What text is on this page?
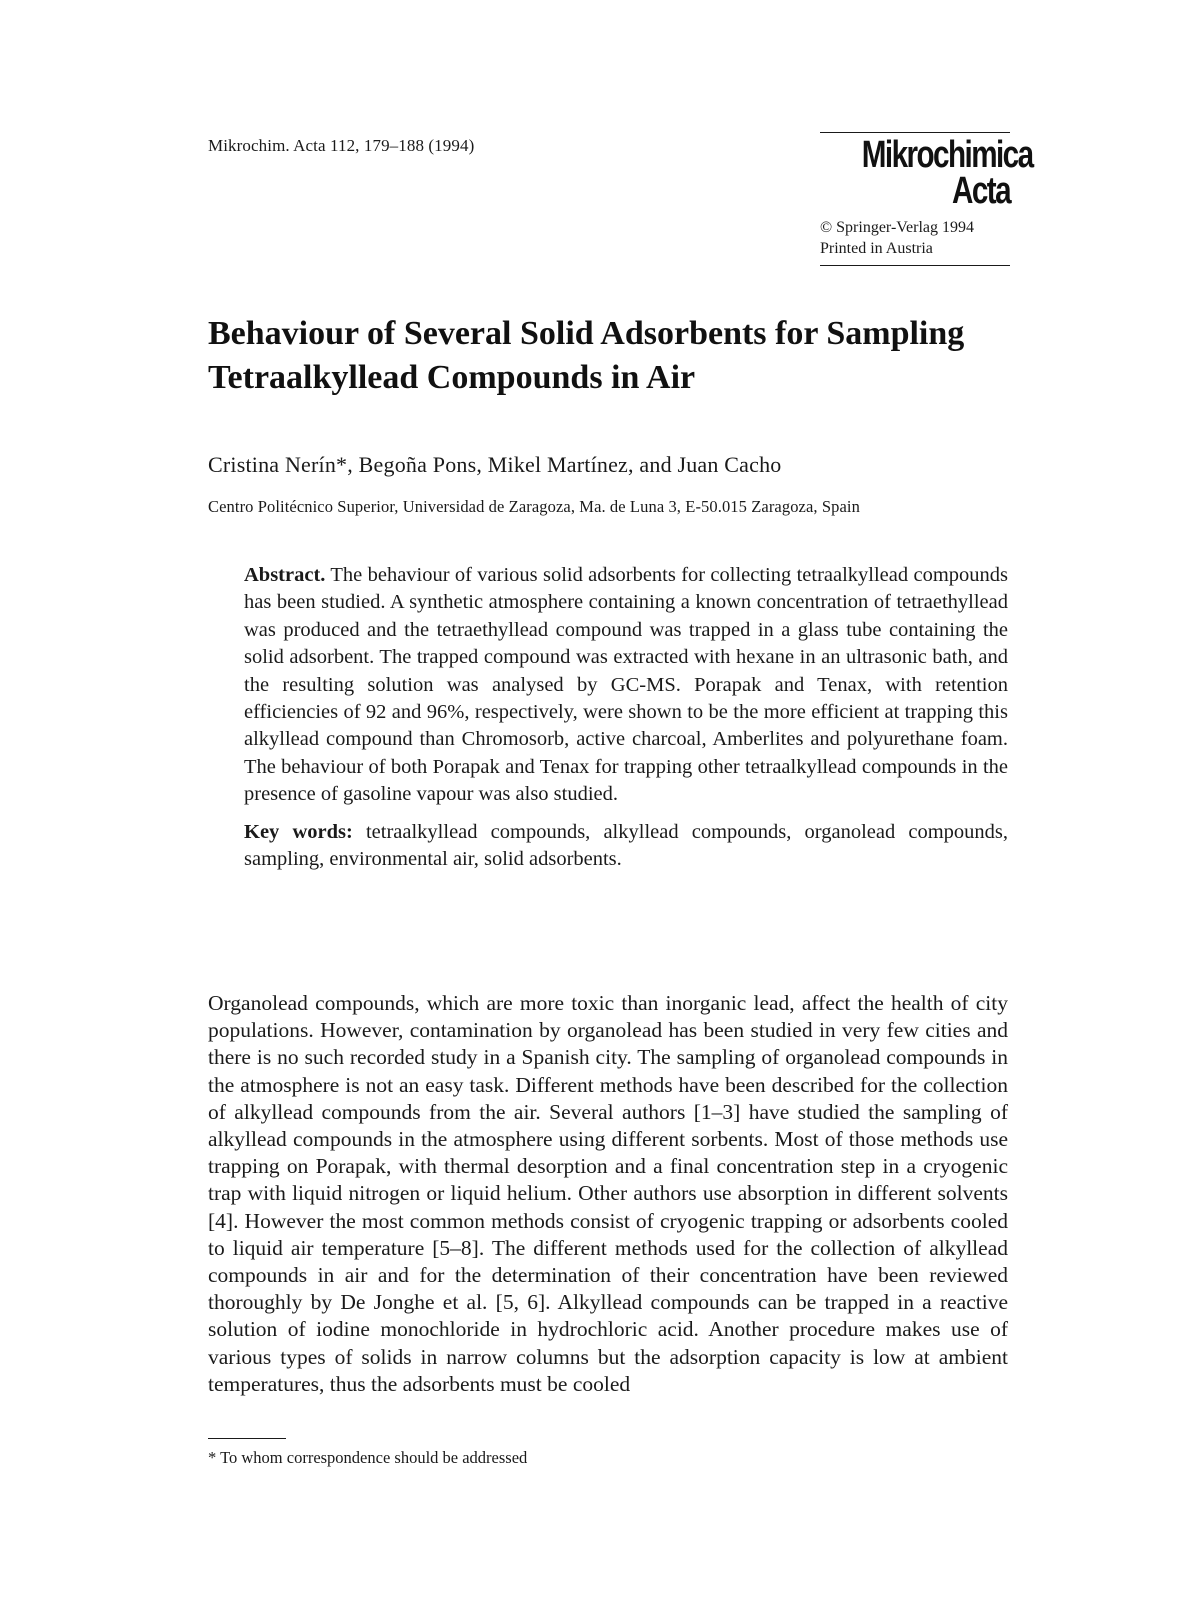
Mikrochim. Acta 112, 179–188 (1994)	Mikrochimica
Acta
© Springer-Verlag 1994
Printed in Austria
Behaviour of Several Solid Adsorbents for Sampling Tetraalkyllead Compounds in Air
Cristina Nerín*, Begoña Pons, Mikel Martínez, and Juan Cacho
Centro Politécnico Superior, Universidad de Zaragoza, Ma. de Luna 3, E-50.015 Zaragoza, Spain

Abstract. The behaviour of various solid adsorbents for collecting tetraalkyllead compounds has been studied. A synthetic atmosphere containing a known concentration of tetraethyllead was produced and the tetraethyllead compound was trapped in a glass tube containing the solid adsorbent. The trapped compound was extracted with hexane in an ultrasonic bath, and the resulting solution was analysed by GC-MS. Porapak and Tenax, with retention efficiencies of 92 and 96%, respectively, were shown to be the more efficient at trapping this alkyllead compound than Chromosorb, active charcoal, Amberlites and polyurethane foam. The behaviour of both Porapak and Tenax for trapping other tetraalkyllead compounds in the presence of gasoline vapour was also studied.

Key words: tetraalkyllead compounds, alkyllead compounds, organolead compounds, sampling, environmental air, solid adsorbents.

Organolead compounds, which are more toxic than inorganic lead, affect the health of city populations. However, contamination by organolead has been studied in very few cities and there is no such recorded study in a Spanish city. The sampling of organolead compounds in the atmosphere is not an easy task. Different methods have been described for the collection of alkyllead compounds from the air. Several authors [1–3] have studied the sampling of alkyllead compounds in the atmosphere using different sorbents. Most of those methods use trapping on Porapak, with thermal desorption and a final concentration step in a cryogenic trap with liquid nitrogen or liquid helium. Other authors use absorption in different solvents [4]. However the most common methods consist of cryogenic trapping or adsorbents cooled to liquid air temperature [5–8]. The different methods used for the collection of alkyllead compounds in air and for the determination of their concentration have been reviewed thoroughly by De Jonghe et al. [5, 6]. Alkyllead compounds can be trapped in a reactive solution of iodine monochloride in hydrochloric acid. Another procedure makes use of various types of solids in narrow columns but the adsorption capacity is low at ambient temperatures, thus the adsorbents must be cooled

* To whom correspondence should be addressed
